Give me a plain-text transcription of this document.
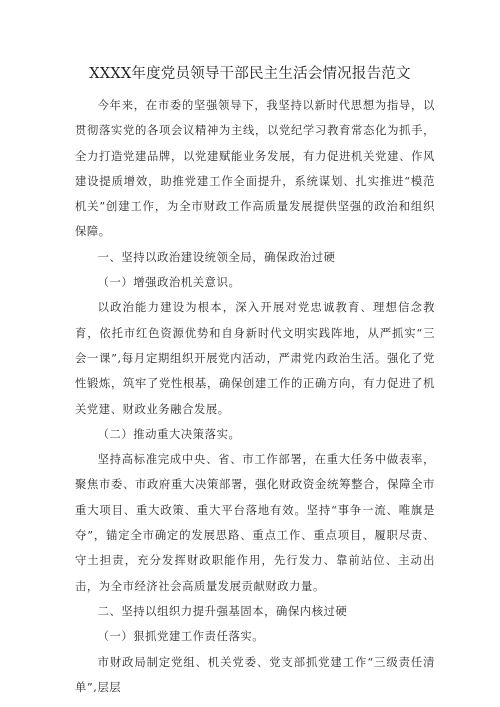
XXXX年度党员领导干部民主生活会情况报告范文

今年来，在市委的坚强领导下，我坚持以新时代思想为指导，以贯彻落实党的各项会议精神为主线，以党纪学习教育常态化为抓手，全力打造党建品牌，以党建赋能业务发展，有力促进机关党建、作风建设提质增效，助推党建工作全面提升，系统谋划、扎实推进“模范机关”创建工作，为全市财政工作高质量发展提供坚强的政治和组织保障。

一、坚持以政治建设统领全局，确保政治过硬

（一）增强政治机关意识。

以政治能力建设为根本，深入开展对党忠诚教育、理想信念教育，依托市红色资源优势和自身新时代文明实践阵地，从严抓实“三会一课”,每月定期组织开展党内活动，严肃党内政治生活。强化了党性锻炼，筑牢了党性根基，确保创建工作的正确方向，有力促进了机关党建、财政业务融合发展。

（二）推动重大决策落实。

坚持高标准完成中央、省、市工作部署，在重大任务中做表率，聚焦市委、市政府重大决策部署，强化财政资金统筹整合，保障全市重大项目、重大政策、重大平台落地有效。坚持“事争一流、唯旗是夺”，锚定全市确定的发展思路、重点工作、重点项目，履职尽责、守土担责，充分发挥财政职能作用，先行发力、靠前站位、主动出击，为全市经济社会高质量发展贡献财政力量。

二、坚持以组织力提升强基固本，确保内核过硬

（一）狠抓党建工作责任落实。

市财政局制定党组、机关党委、党支部抓党建工作“三级责任清单”,层层
